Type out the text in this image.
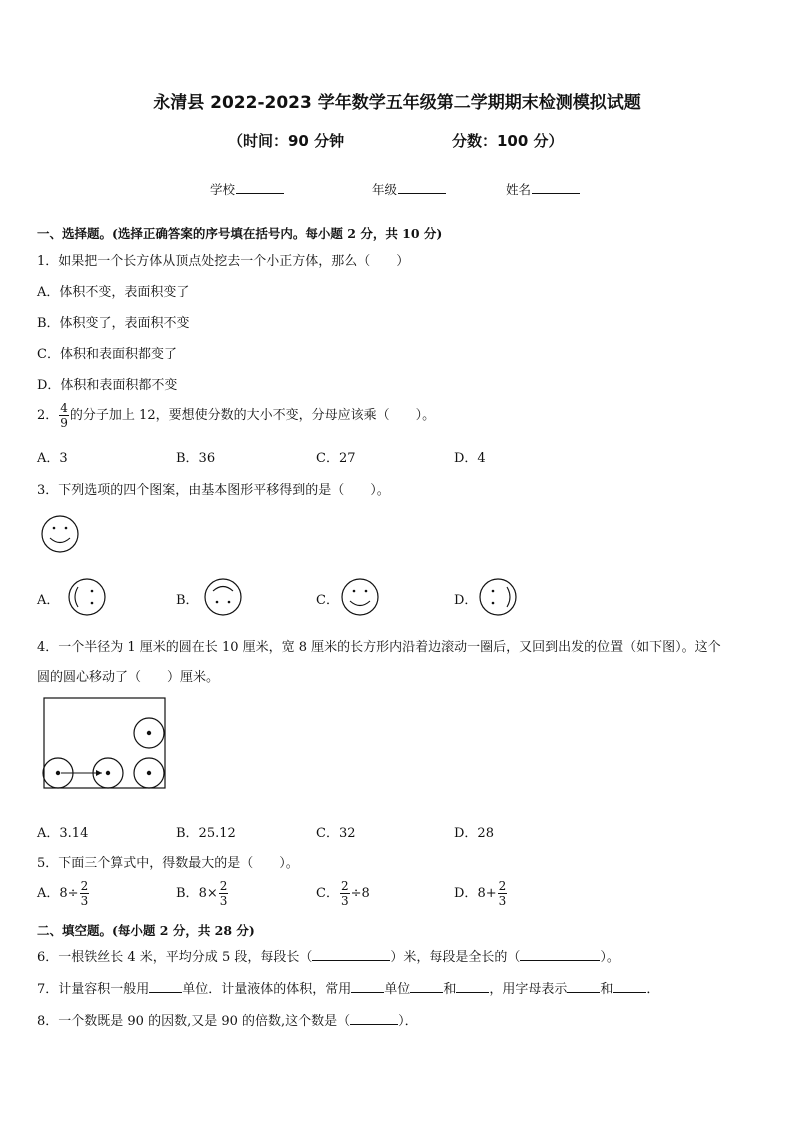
永清县 2022-2023 学年数学五年级第二学期期末检测模拟试题
（时间：90 分钟	分数：100 分）
学校	年级	姓名
一、选择题。(选择正确答案的序号填在括号内。每小题 2 分，共 10 分)
1．如果把一个长方体从顶点处挖去一个小正方体，那么（　　）
A．体积不变，表面积变了
B．体积变了，表面积不变
C．体积和表面积都变了
D．体积和表面积都不变
2． $\frac{4}{9}$ 的分子加上 12，要想使分数的大小不变，分母应该乘（　　）。
A．3	B．36	C．27	D．4
3．下列选项的四个图案，由基本图形平移得到的是（　　）。
A．	B．	C．	D．
4．一个半径为 1 厘米的圆在长 10 厘米，宽 8 厘米的长方形内沿着边滚动一圈后，又回到出发的位置（如下图）。这个
圆的圆心移动了（　　）厘米。
A．3.14	B．25.12	C．32	D．28
5．下面三个算式中，得数最大的是（　　）。
A．$8\div \frac{2}{3}$	B．$8\times \frac{2}{3}$	C． $\frac{2}{3} \div 8$	D．$8+ \frac{2}{3}$
二、填空题。(每小题 2 分，共 28 分)
6．一根铁丝长 4 米，平均分成 5 段，每段长（	）米，每段是全长的（	）。
7．计量容积一般用	单位．计量液体的体积，常用	单位	和	，用字母表示	和	．
8．一个数既是 90 的因数,又是 90 的倍数,这个数是（	）．
